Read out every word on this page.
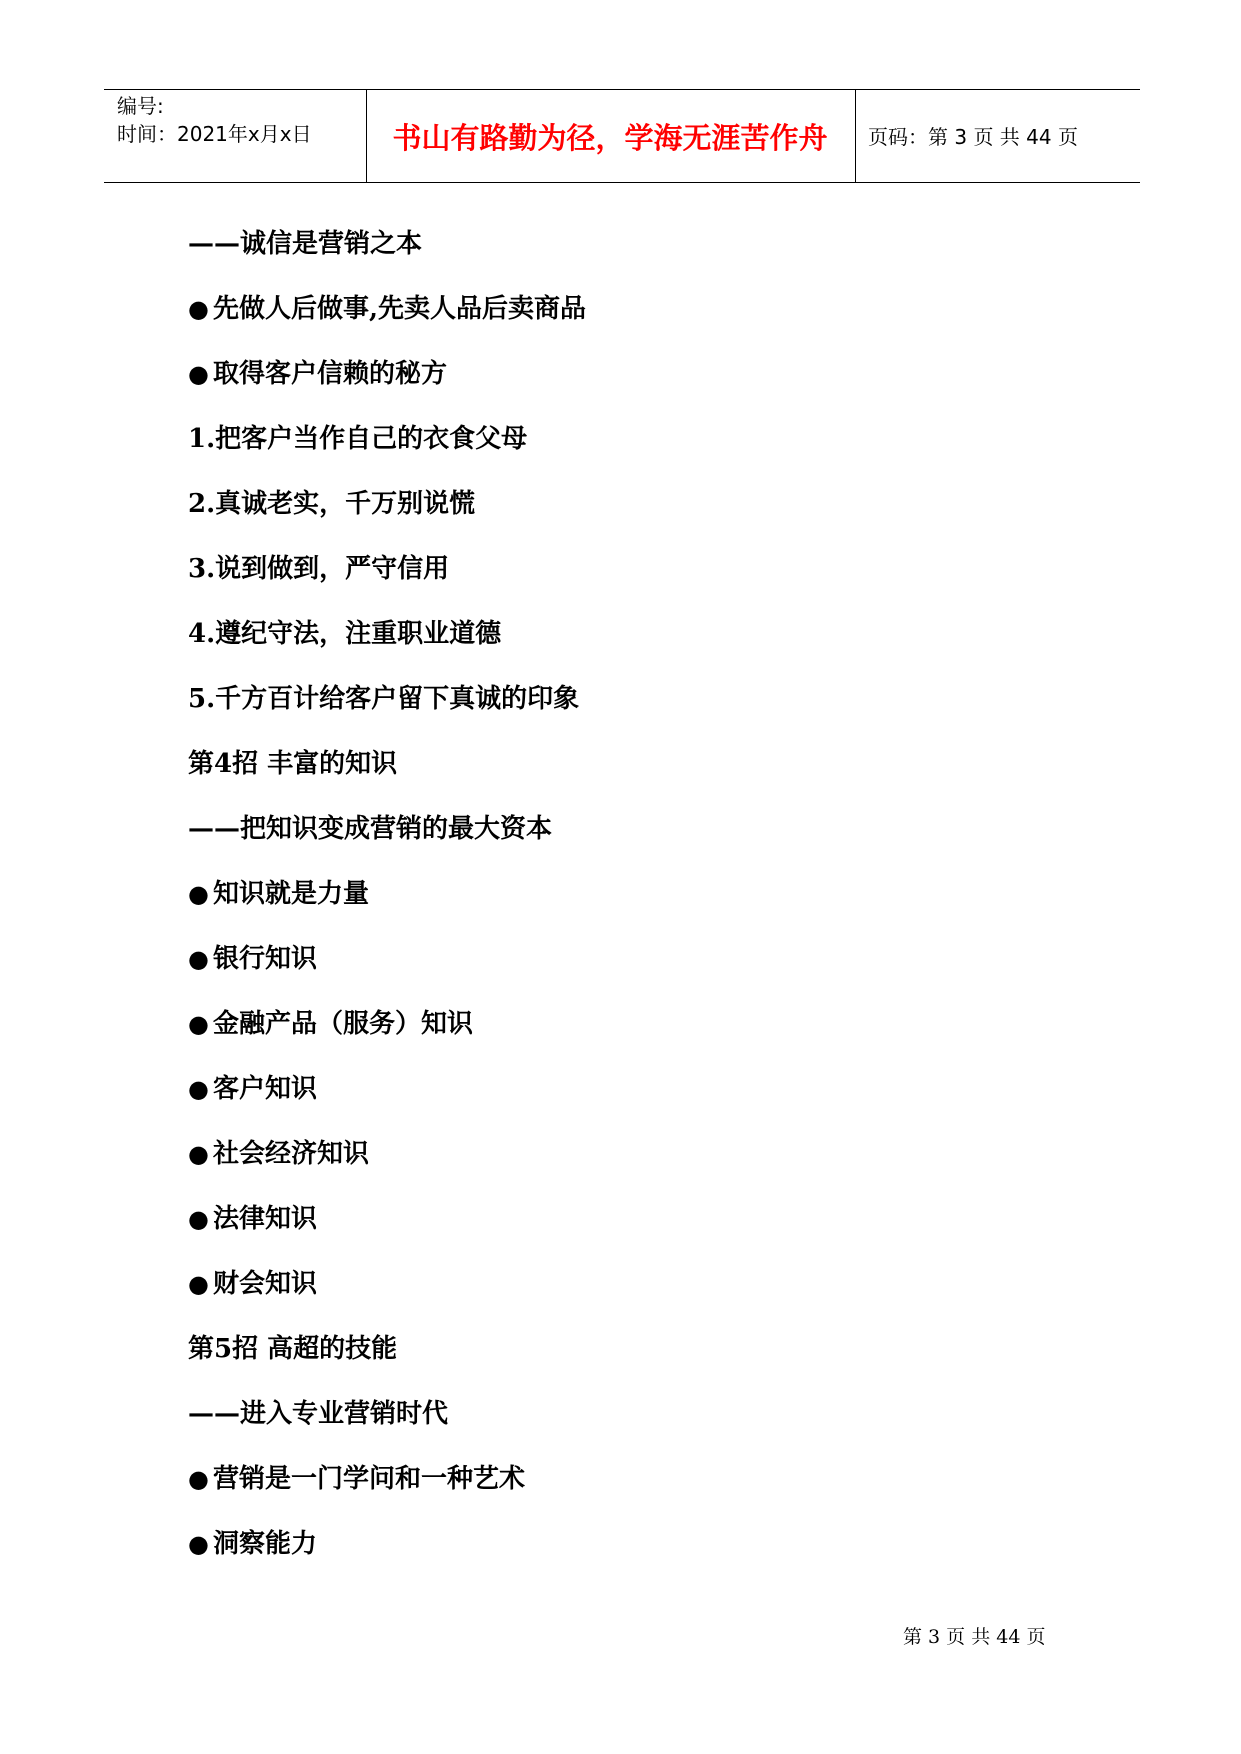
编号:
时间：2021年x月x日	书山有路勤为径，学海无涯苦作舟	页码：第 3 页 共 44 页
——诚信是营销之本
● 先做人后做事,先卖人品后卖商品
● 取得客户信赖的秘方
1.把客户当作自己的衣食父母
2.真诚老实，千万别说慌
3.说到做到，严守信用
4.遵纪守法，注重职业道德
5.千方百计给客户留下真诚的印象
第4招 丰富的知识
——把知识变成营销的最大资本
● 知识就是力量
● 银行知识
● 金融产品（服务）知识
● 客户知识
● 社会经济知识
● 法律知识
● 财会知识
第5招 高超的技能
——进入专业营销时代
● 营销是一门学问和一种艺术
● 洞察能力
第 3 页 共 44 页
